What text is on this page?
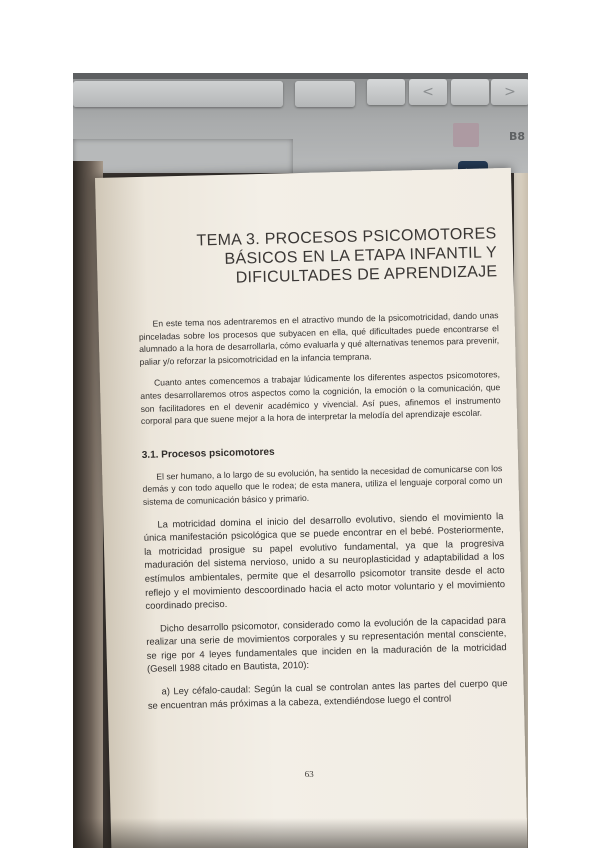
<	>
B8
TEMA 3. PROCESOS PSICOMOTORES
BÁSICOS EN LA ETAPA INFANTIL Y
DIFICULTADES DE APRENDIZAJE

En este tema nos adentraremos en el atractivo mundo de la psicomotricidad, dando unas pinceladas sobre los procesos que subyacen en ella, qué dificultades puede encontrarse el alumnado a la hora de desarrollarla, cómo evaluarla y qué alternativas tenemos para prevenir, paliar y/o reforzar la psicomotricidad en la infancia temprana.

Cuanto antes comencemos a trabajar lúdicamente los diferentes aspectos psicomotores, antes desarrollaremos otros aspectos como la cognición, la emoción o la comunicación, que son facilitadores en el devenir académico y vivencial. Así pues, afinemos el instrumento corporal para que suene mejor a la hora de interpretar la melodía del aprendizaje escolar.

3.1. Procesos psicomotores

El ser humano, a lo largo de su evolución, ha sentido la necesidad de comunicarse con los demás y con todo aquello que le rodea; de esta manera, utiliza el lenguaje corporal como un sistema de comunicación básico y primario.

La motricidad domina el inicio del desarrollo evolutivo, siendo el movimiento la única manifestación psicológica que se puede encontrar en el bebé. Posteriormente, la motricidad prosigue su papel evolutivo fundamental, ya que la progresiva maduración del sistema nervioso, unido a su neuroplasticidad y adaptabilidad a los estímulos ambientales, permite que el desarrollo psicomotor transite desde el acto reflejo y el movimiento descoordinado hacia el acto motor voluntario y el movimiento coordinado preciso.

Dicho desarrollo psicomotor, considerado como la evolución de la capacidad para realizar una serie de movimientos corporales y su representación mental consciente, se rige por 4 leyes fundamentales que inciden en la maduración de la motricidad (Gesell 1988 citado en Bautista, 2010):

a) Ley céfalo-caudal: Según la cual se controlan antes las partes del cuerpo que se encuentran más próximas a la cabeza, extendiéndose luego el control

63
